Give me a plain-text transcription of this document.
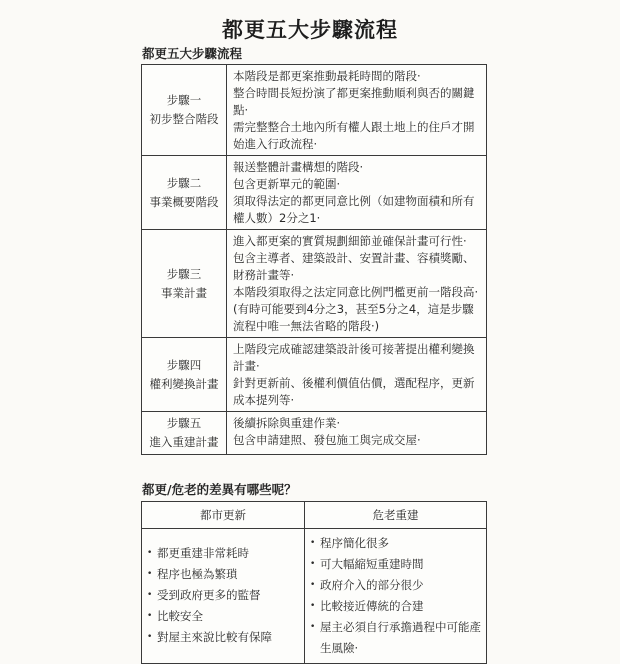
都更五大步驟流程
都更五大步驟流程
步驟一
初步整合階段
本階段是都更案推動最耗時間的階段·
整合時間長短扮演了都更案推動順利與否的關鍵點·
需完整整合土地內所有權人跟土地上的住戶才開始進入行政流程·
步驟二
事業概要階段
報送整體計畫構想的階段·
包含更新單元的範圍·
須取得法定的都更同意比例（如建物面積和所有權人數）2分之1·
步驟三
事業計畫
進入都更案的實質規劃細節並確保計畫可行性·
包含主導者、建築設計、安置計畫、容積獎勵、財務計畫等·
本階段須取得之法定同意比例門檻更前一階段高·
(有時可能要到4分之3，甚至5分之4，這是步驟流程中唯一無法省略的階段·)
步驟四
權利變換計畫
上階段完成確認建築設計後可接著提出權利變換計畫·
針對更新前、後權利價值估價，選配程序，更新成本提列等·
步驟五
進入重建計畫
後續拆除與重建作業·
包含申請建照、發包施工與完成交屋·
都更/危老的差異有哪些呢？
都市更新	危老重建
• 都更重建非常耗時
• 程序也極為繁瑣
• 受到政府更多的監督
• 比較安全
• 對屋主來說比較有保障
• 程序簡化很多
• 可大幅縮短重建時間
• 政府介入的部分很少
• 比較接近傳統的合建
• 屋主必須自行承擔過程中可能產生風險·
